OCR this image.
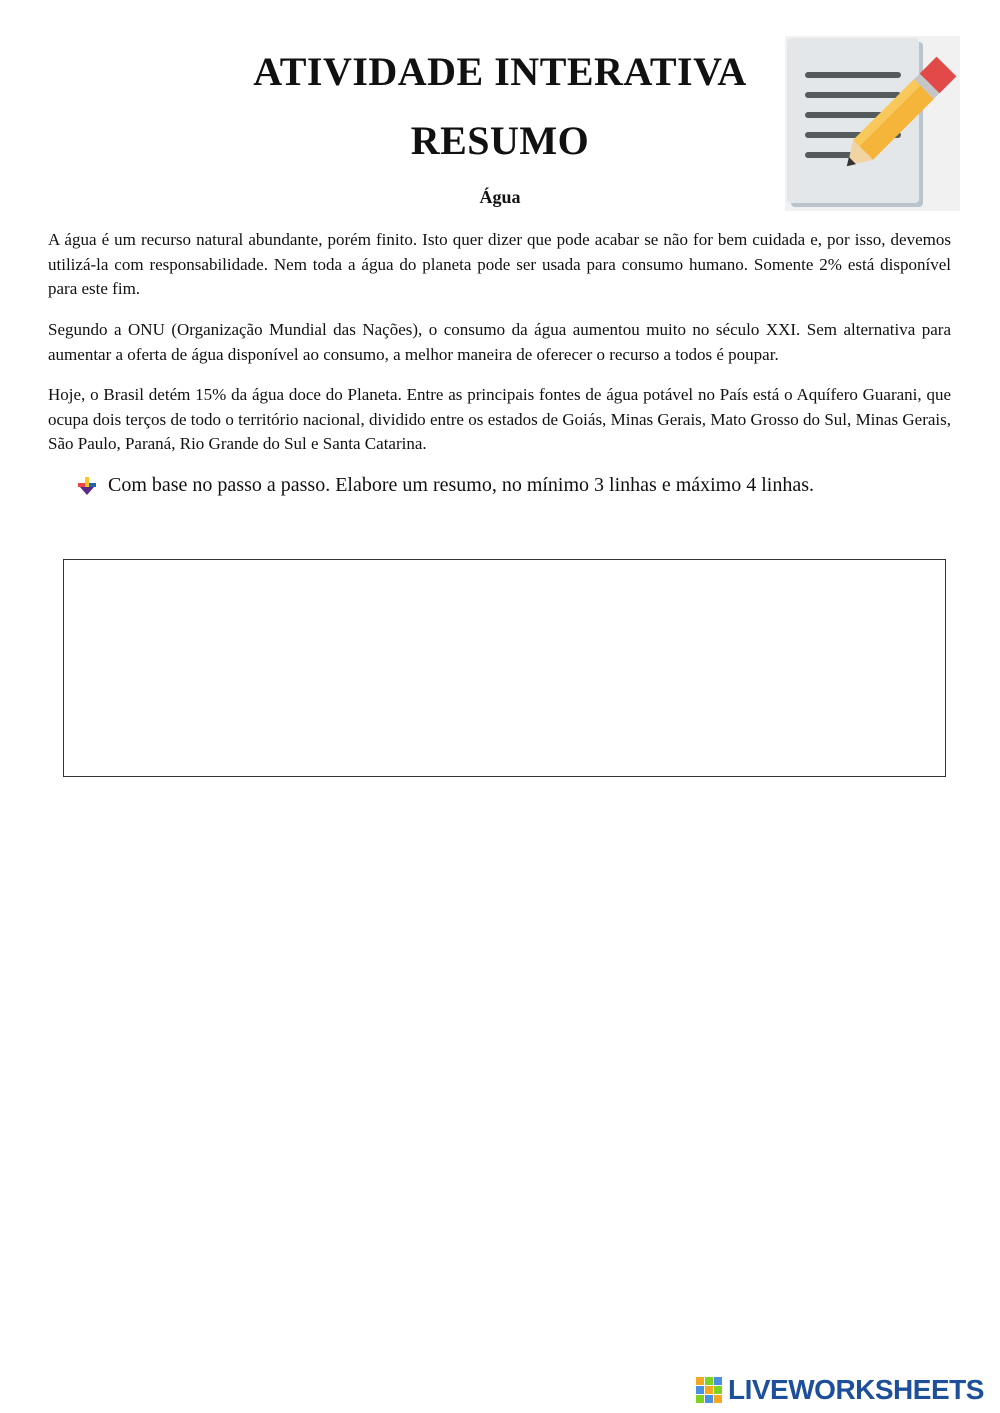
ATIVIDADE INTERATIVA
RESUMO
Água

A água é um recurso natural abundante, porém finito. Isto quer dizer que pode acabar se não for bem cuidada e, por isso, devemos utilizá-la com responsabilidade. Nem toda a água do planeta pode ser usada para consumo humano. Somente 2% está disponível para este fim.

Segundo a ONU (Organização Mundial das Nações), o consumo da água aumentou muito no século XXI. Sem alternativa para aumentar a oferta de água disponível ao consumo, a melhor maneira de oferecer o recurso a todos é poupar.

Hoje, o Brasil detém 15% da água doce do Planeta. Entre as principais fontes de água potável no País está o Aquífero Guarani, que ocupa dois terços de todo o território nacional, dividido entre os estados de Goiás, Minas Gerais, Mato Grosso do Sul, Minas Gerais, São Paulo, Paraná, Rio Grande do Sul e Santa Catarina.

Com base no passo a passo. Elabore um resumo, no mínimo 3 linhas e máximo 4 linhas.
LIVEWORKSHEETS
